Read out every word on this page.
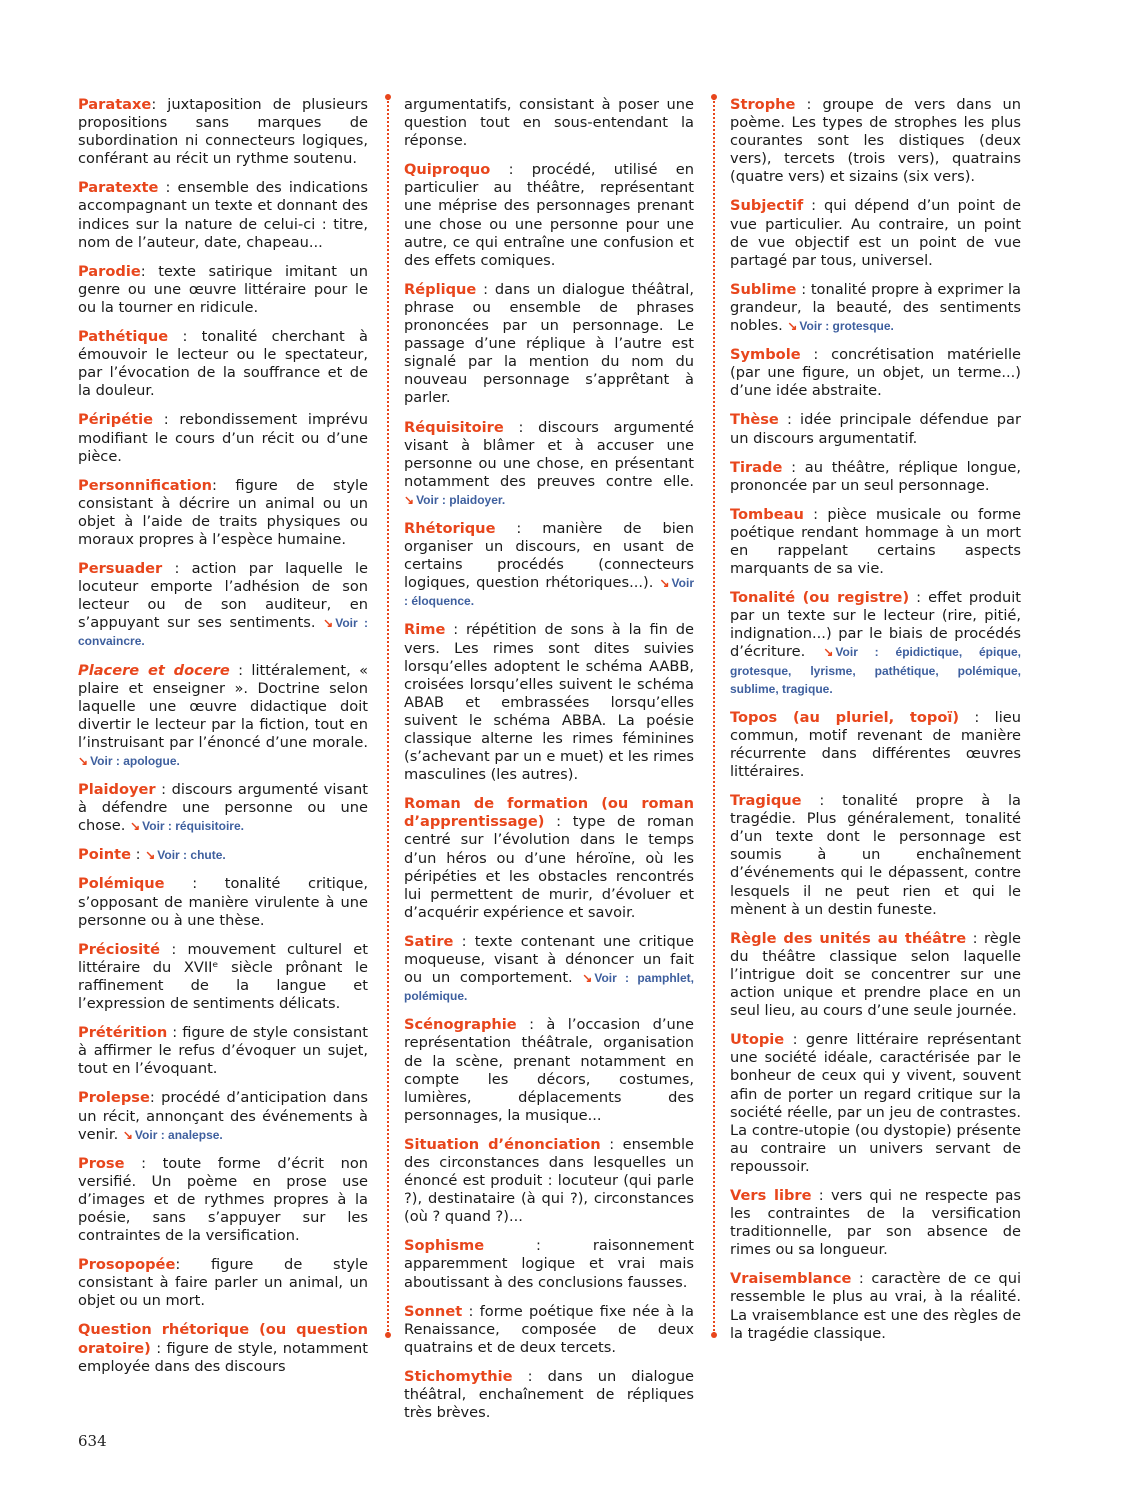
Parataxe: juxtaposition de plusieurs propositions sans marques de subordination ni connecteurs logiques, conférant au récit un rythme soutenu.

Paratexte : ensemble des indications accompagnant un texte et donnant des indices sur la nature de celui-ci : titre, nom de l’auteur, date, chapeau...

Parodie: texte satirique imitant un genre ou une œuvre littéraire pour le ou la tourner en ridicule.

Pathétique : tonalité cherchant à émouvoir le lecteur ou le spectateur, par l’évocation de la souffrance et de la douleur.

Péripétie : rebondissement imprévu modifiant le cours d’un récit ou d’une pièce.

Personnification: figure de style consistant à décrire un animal ou un objet à l’aide de traits physiques ou moraux propres à l’espèce humaine.

Persuader : action par laquelle le locuteur emporte l’adhésion de son lecteur ou de son auditeur, en s’appuyant sur ses sentiments. ↘ Voir : convaincre.

Placere et docere : littéralement, « plaire et enseigner ». Doctrine selon laquelle une œuvre didactique doit divertir le lecteur par la fiction, tout en l’instruisant par l’énoncé d’une morale. ↘ Voir : apologue.

Plaidoyer : discours argumenté visant à défendre une personne ou une chose. ↘ Voir : réquisitoire.

Pointe : ↘ Voir : chute.

Polémique : tonalité critique, s’opposant de manière virulente à une personne ou à une thèse.

Préciosité : mouvement culturel et littéraire du XVIIᵉ siècle prônant le raffinement de la langue et l’expression de sentiments délicats.

Prétérition : figure de style consistant à affirmer le refus d’évoquer un sujet, tout en l’évoquant.

Prolepse: procédé d’anticipation dans un récit, annonçant des événements à venir. ↘ Voir : analepse.

Prose : toute forme d’écrit non versifié. Un poème en prose use d’images et de rythmes propres à la poésie, sans s’appuyer sur les contraintes de la versification.

Prosopopée: figure de style consistant à faire parler un animal, un objet ou un mort.

Question rhétorique (ou question oratoire) : figure de style, notamment employée dans des discours

argumentatifs, consistant à poser une question tout en sous-entendant la réponse.

Quiproquo : procédé, utilisé en particulier au théâtre, représentant une méprise des personnages prenant une chose ou une personne pour une autre, ce qui entraîne une confusion et des effets comiques.

Réplique : dans un dialogue théâtral, phrase ou ensemble de phrases prononcées par un personnage. Le passage d’une réplique à l’autre est signalé par la mention du nom du nouveau personnage s’apprêtant à parler.

Réquisitoire : discours argumenté visant à blâmer et à accuser une personne ou une chose, en présentant notamment des preuves contre elle. ↘ Voir : plaidoyer.

Rhétorique : manière de bien organiser un discours, en usant de certains procédés (connecteurs logiques, question rhétoriques...). ↘ Voir : éloquence.

Rime : répétition de sons à la fin de vers. Les rimes sont dites suivies lorsqu’elles adoptent le schéma AABB, croisées lorsqu’elles suivent le schéma ABAB et embrassées lorsqu’elles suivent le schéma ABBA. La poésie classique alterne les rimes féminines (s’achevant par un e muet) et les rimes masculines (les autres).

Roman de formation (ou roman d’apprentissage) : type de roman centré sur l’évolution dans le temps d’un héros ou d’une héroïne, où les péripéties et les obstacles rencontrés lui permettent de murir, d’évoluer et d’acquérir expérience et savoir.

Satire : texte contenant une critique moqueuse, visant à dénoncer un fait ou un comportement. ↘ Voir : pamphlet, polémique.

Scénographie : à l’occasion d’une représentation théâtrale, organisation de la scène, prenant notamment en compte les décors, costumes, lumières, déplacements des personnages, la musique...

Situation d’énonciation : ensemble des circonstances dans lesquelles un énoncé est produit : locuteur (qui parle ?), destinataire (à qui ?), circonstances (où ? quand ?)...

Sophisme : raisonnement apparemment logique et vrai mais aboutissant à des conclusions fausses.

Sonnet : forme poétique fixe née à la Renaissance, composée de deux quatrains et de deux tercets.

Stichomythie : dans un dialogue théâtral, enchaînement de répliques très brèves.

Strophe : groupe de vers dans un poème. Les types de strophes les plus courantes sont les distiques (deux vers), tercets (trois vers), quatrains (quatre vers) et sizains (six vers).

Subjectif : qui dépend d’un point de vue particulier. Au contraire, un point de vue objectif est un point de vue partagé par tous, universel.

Sublime : tonalité propre à exprimer la grandeur, la beauté, des sentiments nobles. ↘ Voir : grotesque.

Symbole : concrétisation matérielle (par une figure, un objet, un terme...) d’une idée abstraite.

Thèse : idée principale défendue par un discours argumentatif.

Tirade : au théâtre, réplique longue, prononcée par un seul personnage.

Tombeau : pièce musicale ou forme poétique rendant hommage à un mort en rappelant certains aspects marquants de sa vie.

Tonalité (ou registre) : effet produit par un texte sur le lecteur (rire, pitié, indignation...) par le biais de procédés d’écriture. ↘ Voir : épidictique, épique, grotesque, lyrisme, pathétique, polémique, sublime, tragique.

Topos (au pluriel, topoï) : lieu commun, motif revenant de manière récurrente dans différentes œuvres littéraires.

Tragique : tonalité propre à la tragédie. Plus généralement, tonalité d’un texte dont le personnage est soumis à un enchaînement d’événements qui le dépassent, contre lesquels il ne peut rien et qui le mènent à un destin funeste.

Règle des unités au théâtre : règle du théâtre classique selon laquelle l’intrigue doit se concentrer sur une action unique et prendre place en un seul lieu, au cours d’une seule journée.

Utopie : genre littéraire représentant une société idéale, caractérisée par le bonheur de ceux qui y vivent, souvent afin de porter un regard critique sur la société réelle, par un jeu de contrastes. La contre-utopie (ou dystopie) présente au contraire un univers servant de repoussoir.

Vers libre : vers qui ne respecte pas les contraintes de la versification traditionnelle, par son absence de rimes ou sa longueur.

Vraisemblance : caractère de ce qui ressemble le plus au vrai, à la réalité. La vraisemblance est une des règles de la tragédie classique.

634
